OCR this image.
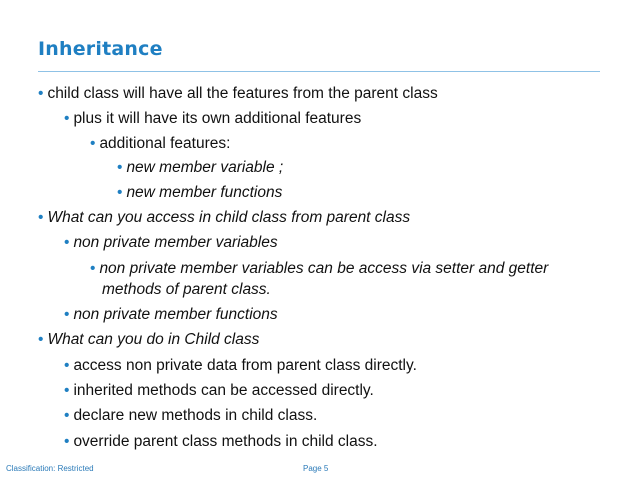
Inheritance
• child class will have all the features from the parent class
• plus it will have its own additional features
• additional features:
• new member variable ;
• new member functions
• What can you access in child class from parent class
• non private member variables
• non private member variables can be access via setter and getter
methods of parent class.
• non private member functions
• What can you do in Child class
• access non private data from parent class directly.
• inherited methods can be accessed directly.
• declare new methods in child class.
• override parent class methods in child class.
Classification: Restricted	Page 5
